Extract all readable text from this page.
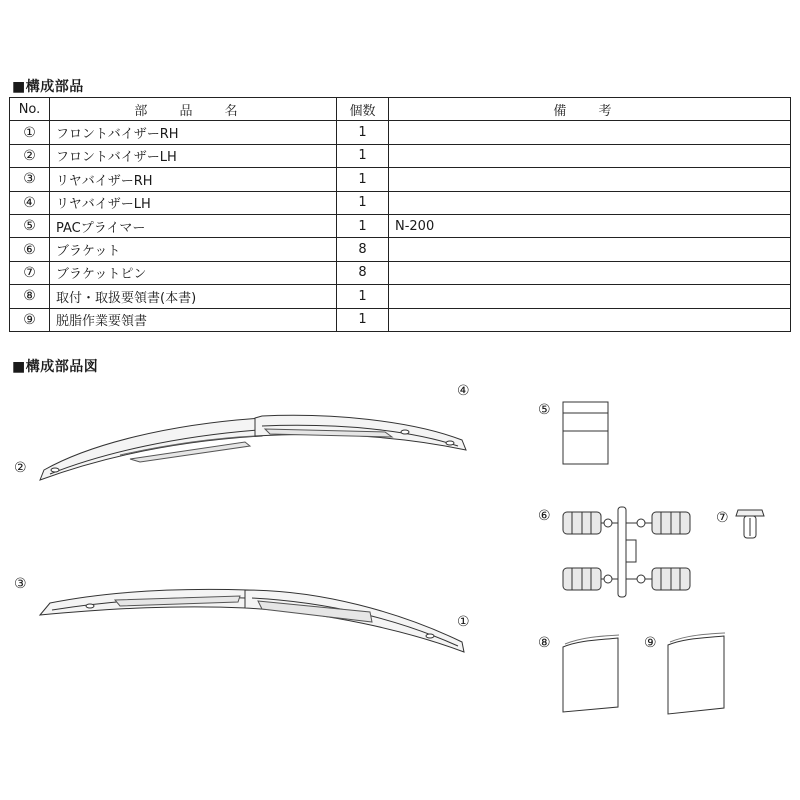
■構成部品
No.	部 品 名	個数	備 考
①	フロントバイザーRH	1	
②	フロントバイザーLH	1	
③	リヤバイザーRH	1	
④	リヤバイザーLH	1	
⑤	PACプライマー	1	N-200
⑥	ブラケット	8	
⑦	ブラケットピン	8	
⑧	取付・取扱要領書(本書)	1	
⑨	脱脂作業要領書	1	
■構成部品図
②
④
③
①
⑤
⑥	⑦
⑧	⑨
